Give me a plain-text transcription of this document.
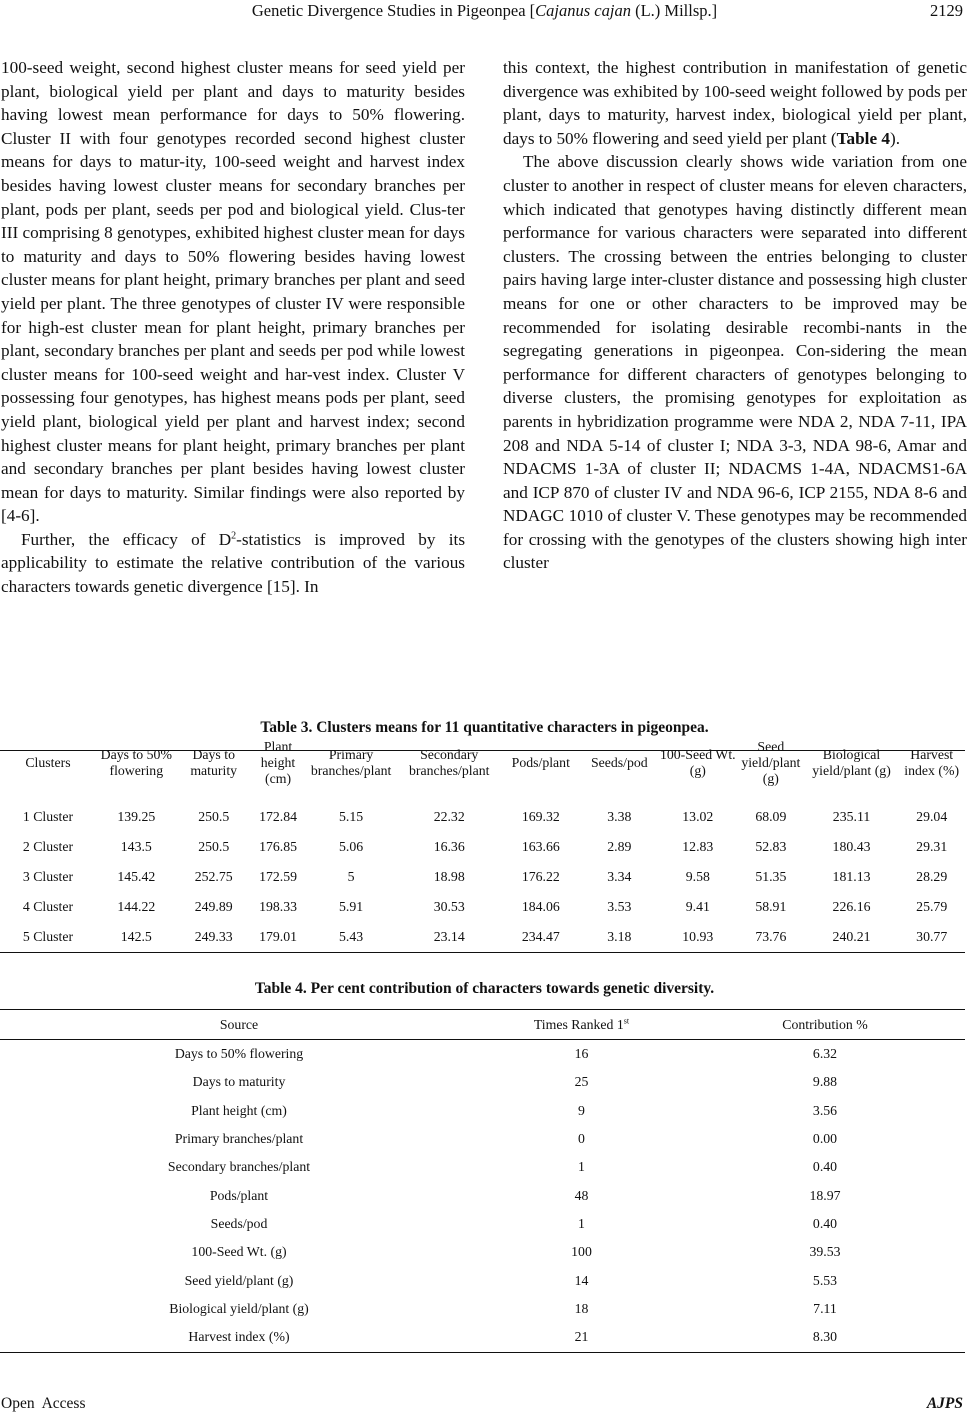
Genetic Divergence Studies in Pigeonpea [Cajanus cajan (L.) Millsp.]	2129

100-seed weight, second highest cluster means for seed yield per plant, biological yield per plant and days to maturity besides having lowest mean performance for days to 50% flowering. Cluster II with four genotypes recorded second highest cluster means for days to matur-ity, 100-seed weight and harvest index besides having lowest cluster means for secondary branches per plant, pods per plant, seeds per pod and biological yield. Clus-ter III comprising 8 genotypes, exhibited highest cluster mean for days to maturity and days to 50% flowering besides having lowest cluster means for plant height, primary branches per plant and seed yield per plant. The three genotypes of cluster IV were responsible for high-est cluster mean for plant height, primary branches per plant, secondary branches per plant and seeds per pod while lowest cluster means for 100-seed weight and har-vest index. Cluster V possessing four genotypes, has highest means pods per plant, seed yield plant, biological yield per plant and harvest index; second highest cluster means for plant height, primary branches per plant and secondary branches per plant besides having lowest cluster mean for days to maturity. Similar findings were also reported by [4-6].

Further, the efficacy of $D^2$-statistics is improved by its applicability to estimate the relative contribution of the various characters towards genetic divergence [15]. In

this context, the highest contribution in manifestation of genetic divergence was exhibited by 100-seed weight followed by pods per plant, days to maturity, harvest index, biological yield per plant, days to 50% flowering and seed yield per plant (Table 4).

The above discussion clearly shows wide variation from one cluster to another in respect of cluster means for eleven characters, which indicated that genotypes having distinctly different mean performance for various characters were separated into different clusters. The crossing between the entries belonging to cluster pairs having large inter-cluster distance and possessing high cluster means for one or other characters to be improved may be recommended for isolating desirable recombi-nants in the segregating generations in pigeonpea. Con-sidering the mean performance for different characters of genotypes belonging to diverse clusters, the promising genotypes for exploitation as parents in hybridization programme were NDA 2, NDA 7-11, IPA 208 and NDA 5-14 of cluster I; NDA 3-3, NDA 98-6, Amar and NDACMS 1-3A of cluster II; NDACMS 1-4A, NDACMS1-6A and ICP 870 of cluster IV and NDA 96-6, ICP 2155, NDA 8-6 and NDAGC 1010 of cluster V. These genotypes may be recommended for crossing with the genotypes of the clusters showing high inter cluster

Table 3. Clusters means for 11 quantitative characters in pigeonpea.
Clusters	Days to 50% flowering	Days to maturity	Plant height (cm)	Primary branches/plant	Secondary branches/plant	Pods/plant	Seeds/pod	100-Seed Wt. (g)	Seed yield/plant (g)	Biological yield/plant (g)	Harvest index (%)
1 Cluster	139.25	250.5	172.84	5.15	22.32	169.32	3.38	13.02	68.09	235.11	29.04
2 Cluster	143.5	250.5	176.85	5.06	16.36	163.66	2.89	12.83	52.83	180.43	29.31
3 Cluster	145.42	252.75	172.59	5	18.98	176.22	3.34	9.58	51.35	181.13	28.29
4 Cluster	144.22	249.89	198.33	5.91	30.53	184.06	3.53	9.41	58.91	226.16	25.79
5 Cluster	142.5	249.33	179.01	5.43	23.14	234.47	3.18	10.93	73.76	240.21	30.77
Table 4. Per cent contribution of characters towards genetic diversity.
Source	Times Ranked 1st	Contribution %
Days to 50% flowering	16	6.32
Days to maturity	25	9.88
Plant height (cm)	9	3.56
Primary branches/plant	0	0.00
Secondary branches/plant	1	0.40
Pods/plant	48	18.97
Seeds/pod	1	0.40
100-Seed Wt. (g)	100	39.53
Seed yield/plant (g)	14	5.53
Biological yield/plant (g)	18	7.11
Harvest index (%)	21	8.30
Open Access	AJPS
